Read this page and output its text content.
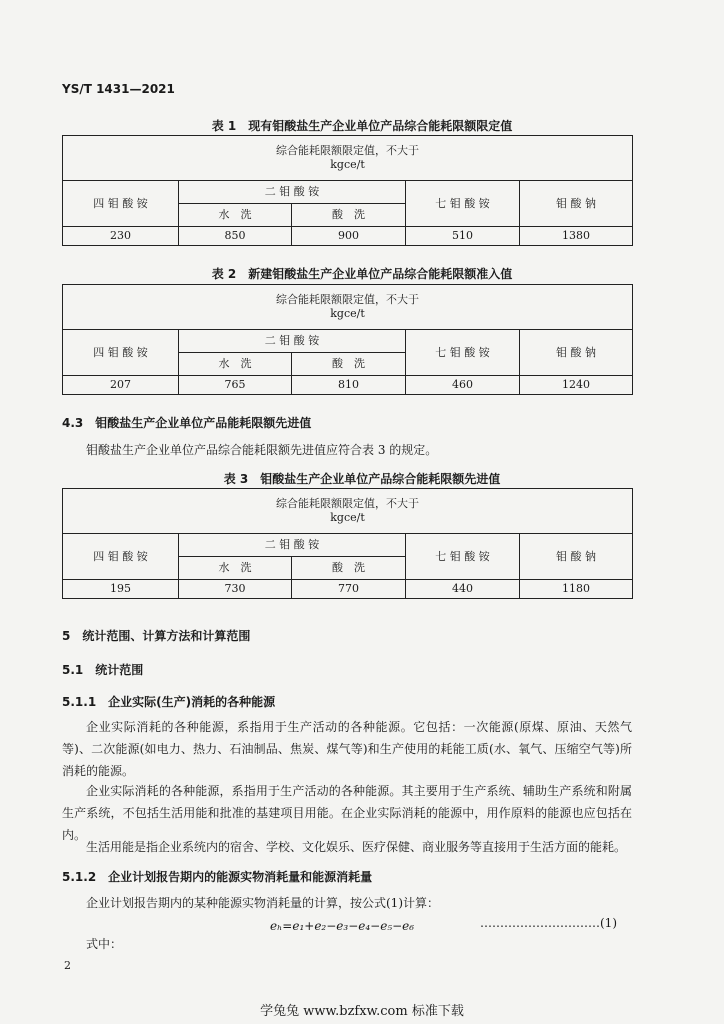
YS/T 1431—2021
表 1　现有钼酸盐生产企业单位产品综合能耗限额限定值
综合能耗限额限定值，不大于
kgce/t				
四 钼 酸 铵	二 钼 酸 铵		七 钼 酸 铵	钼 酸 钠
	水　洗	酸　洗		
230	850	900	510	1380
表 2　新建钼酸盐生产企业单位产品综合能耗限额准入值
综合能耗限额限定值，不大于
kgce/t				
四 钼 酸 铵	二 钼 酸 铵		七 钼 酸 铵	钼 酸 钠
	水　洗	酸　洗		
207	765	810	460	1240
4.3　钼酸盐生产企业单位产品能耗限额先进值
钼酸盐生产企业单位产品综合能耗限额先进值应符合表 3 的规定。
表 3　钼酸盐生产企业单位产品综合能耗限额先进值
综合能耗限额限定值，不大于
kgce/t				
四 钼 酸 铵	二 钼 酸 铵		七 钼 酸 铵	钼 酸 钠
	水　洗	酸　洗		
195	730	770	440	1180
5　统计范围、计算方法和计算范围
5.1　统计范围
5.1.1　企业实际(生产)消耗的各种能源
企业实际消耗的各种能源，系指用于生产活动的各种能源。它包括：一次能源(原煤、原油、天然气等)、二次能源(如电力、热力、石油制品、焦炭、煤气等)和生产使用的耗能工质(水、氧气、压缩空气等)所消耗的能源。
企业实际消耗的各种能源，系指用于生产活动的各种能源。其主要用于生产系统、辅助生产系统和附属生产系统，不包括生活用能和批准的基建项目用能。在企业实际消耗的能源中，用作原料的能源也应包括在内。
生活用能是指企业系统内的宿舍、学校、文化娱乐、医疗保健、商业服务等直接用于生活方面的能耗。
5.1.2　企业计划报告期内的能源实物消耗量和能源消耗量
企业计划报告期内的某种能源实物消耗量的计算，按公式(1)计算：
eₕ=e₁+e₂−e₃−e₄−e₅−e₆	…………………………(1)
式中：
2
学兔兔 www.bzfxw.com 标准下载
